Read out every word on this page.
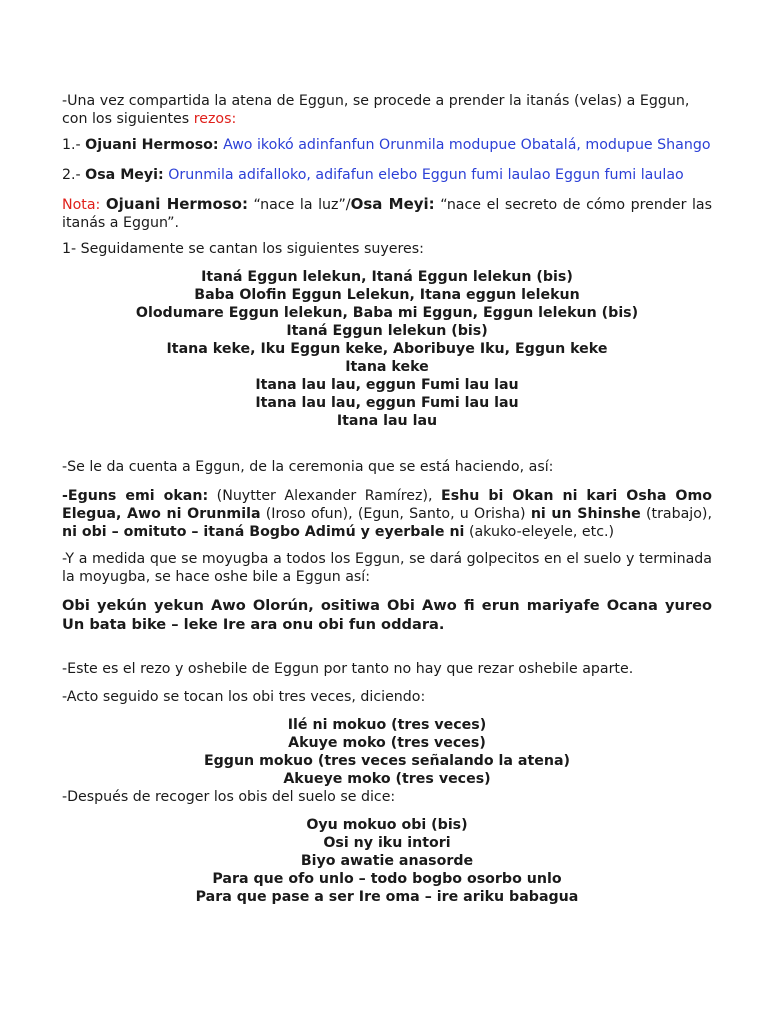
-Una vez compartida la atena de Eggun, se procede a prender la itanás (velas) a Eggun, con los siguientes rezos:

1.- Ojuani Hermoso: Awo ikokó adinfanfun Orunmila modupue Obatalá, modupue Shango

2.- Osa Meyi: Orunmila adifalloko, adifafun elebo Eggun fumi laulao Eggun fumi laulao

Nota: Ojuani Hermoso: “nace la luz”/Osa Meyi: “nace el secreto de cómo prender las itanás a Eggun”.

1- Seguidamente se cantan los siguientes suyeres:

Itaná Eggun lelekun, Itaná Eggun lelekun (bis)
Baba Olofin Eggun Lelekun, Itana eggun lelekun
Olodumare Eggun lelekun, Baba mi Eggun, Eggun lelekun (bis)
Itaná Eggun lelekun (bis)
Itana keke, Iku Eggun keke, Aboribuye Iku, Eggun keke
Itana keke
Itana lau lau, eggun Fumi lau lau
Itana lau lau, eggun Fumi lau lau
Itana lau lau

-Se le da cuenta a Eggun, de la ceremonia que se está haciendo, así:

-Eguns emi okan: (Nuytter Alexander Ramírez), Eshu bi Okan ni kari Osha Omo Elegua, Awo ni Orunmila (Iroso ofun), (Egun, Santo, u Orisha) ni un Shinshe (trabajo), ni obi – omituto – itaná Bogbo Adimú y eyerbale ni (akuko-eleyele, etc.)

-Y a medida que se moyugba a todos los Eggun, se dará golpecitos en el suelo y terminada la moyugba, se hace oshe bile a Eggun así:

Obi yekún yekun Awo Olorún, ositiwa Obi Awo fi erun mariyafe Ocana yureo Un bata bike – leke Ire ara onu obi fun oddara.

-Este es el rezo y oshebile de Eggun por tanto no hay que rezar oshebile aparte.

-Acto seguido se tocan los obi tres veces, diciendo:

Ilé ni mokuo (tres veces)
Akuye moko (tres veces)
Eggun mokuo (tres veces señalando la atena)
Akueye moko (tres veces)

-Después de recoger los obis del suelo se dice:

Oyu mokuo obi (bis)
Osi ny iku intori
Biyo awatie anasorde
Para que ofo unlo – todo bogbo osorbo unlo
Para que pase a ser Ire oma – ire ariku babagua
